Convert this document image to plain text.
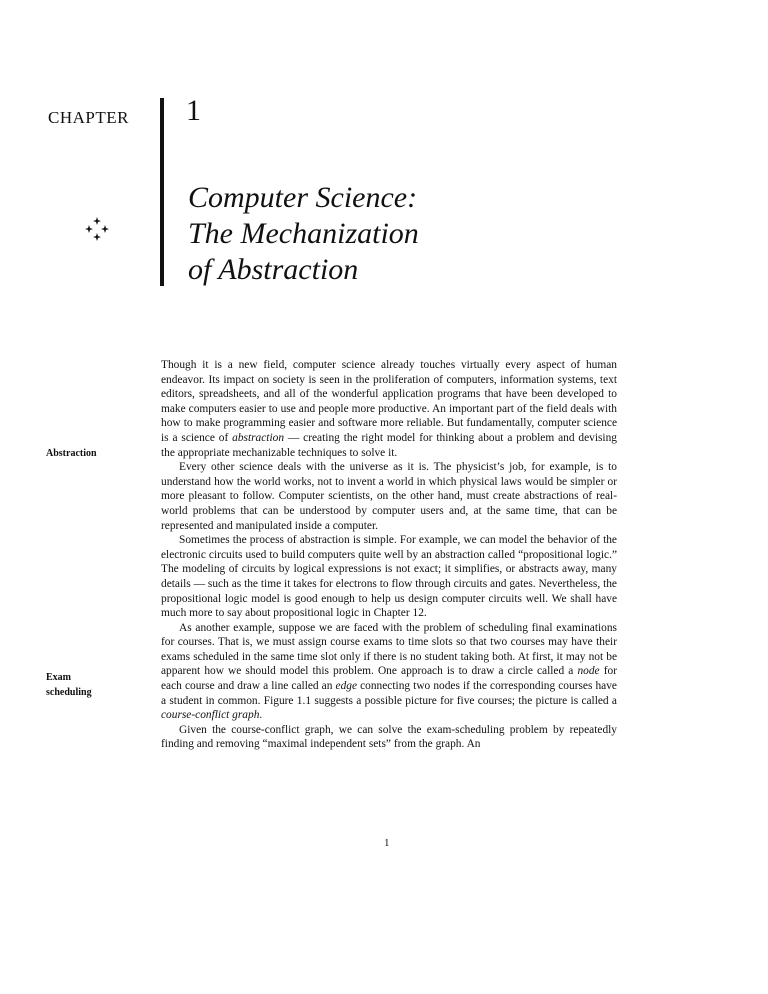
CHAPTER 1
Computer Science:
The Mechanization
of Abstraction
Abstraction
Exam
scheduling

Though it is a new field, computer science already touches virtually every aspect of human endeavor. Its impact on society is seen in the proliferation of computers, information systems, text editors, spreadsheets, and all of the wonderful application programs that have been developed to make computers easier to use and people more productive. An important part of the field deals with how to make programming easier and software more reliable. But fundamentally, computer science is a science of abstraction — creating the right model for thinking about a problem and devising the appropriate mechanizable techniques to solve it.

Every other science deals with the universe as it is. The physicist’s job, for example, is to understand how the world works, not to invent a world in which physical laws would be simpler or more pleasant to follow. Computer scientists, on the other hand, must create abstractions of real-world problems that can be understood by computer users and, at the same time, that can be represented and manipulated inside a computer.

Sometimes the process of abstraction is simple. For example, we can model the behavior of the electronic circuits used to build computers quite well by an abstraction called “propositional logic.” The modeling of circuits by logical expressions is not exact; it simplifies, or abstracts away, many details — such as the time it takes for electrons to flow through circuits and gates. Nevertheless, the propositional logic model is good enough to help us design computer circuits well. We shall have much more to say about propositional logic in Chapter 12.

As another example, suppose we are faced with the problem of scheduling final examinations for courses. That is, we must assign course exams to time slots so that two courses may have their exams scheduled in the same time slot only if there is no student taking both. At first, it may not be apparent how we should model this problem. One approach is to draw a circle called a node for each course and draw a line called an edge connecting two nodes if the corresponding courses have a student in common. Figure 1.1 suggests a possible picture for five courses; the picture is called a course-conflict graph.

Given the course-conflict graph, we can solve the exam-scheduling problem by repeatedly finding and removing “maximal independent sets” from the graph. An

1
